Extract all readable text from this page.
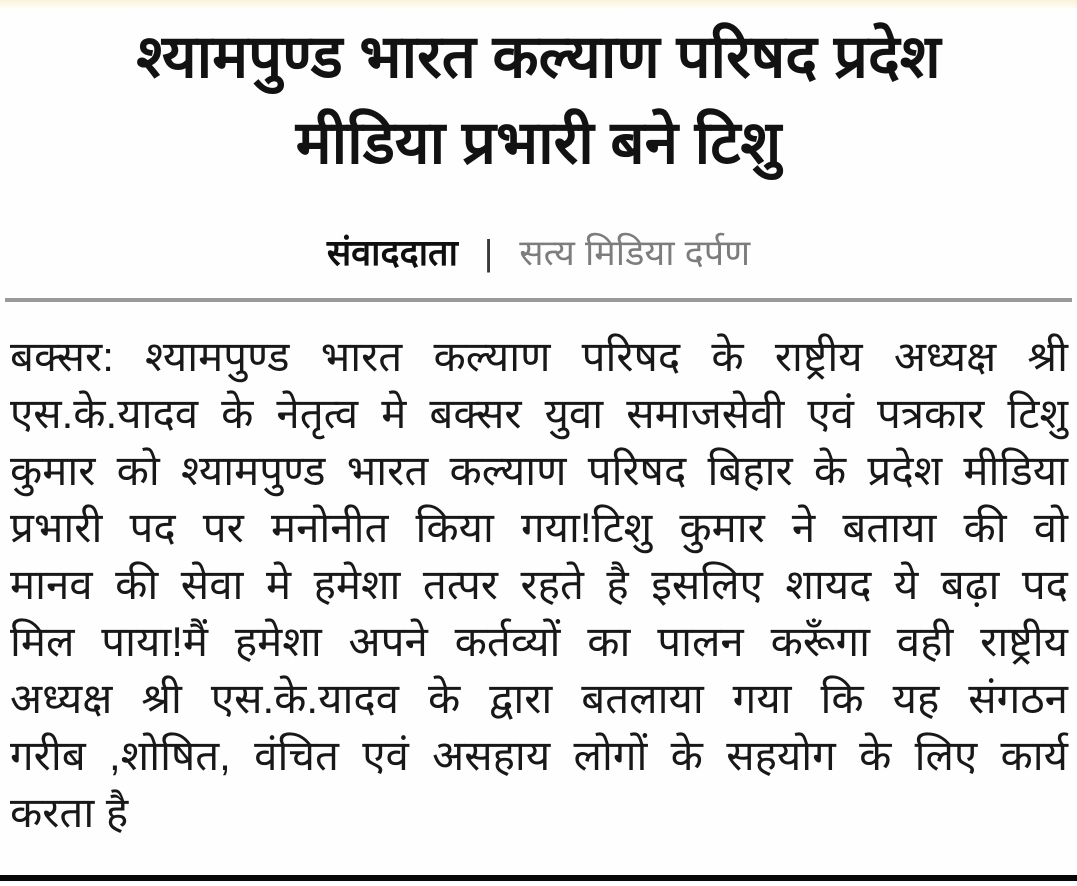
श्यामपुण्ड भारत कल्याण परिषद प्रदेश
मीडिया प्रभारी बने टिशु
संवाददाता | सत्य मिडिया दर्पण
बक्सर: श्यामपुण्ड भारत कल्याण परिषद के राष्ट्रीय अध्यक्ष श्री
एस.के.यादव के नेतृत्व मे बक्सर युवा समाजसेवी एवं पत्रकार टिशु
कुमार को श्यामपुण्ड भारत कल्याण परिषद बिहार के प्रदेश मीडिया
प्रभारी पद पर मनोनीत किया गया!टिशु कुमार ने बताया की वो
मानव की सेवा मे हमेशा तत्पर रहते है इसलिए शायद ये बढ़ा पद
मिल पाया!मैं हमेशा अपने कर्तव्यों का पालन करूँगा वही राष्ट्रीय
अध्यक्ष श्री एस.के.यादव के द्वारा बतलाया गया कि यह संगठन
गरीब ,शोषित, वंचित एवं असहाय लोगों के सहयोग के लिए कार्य
करता है
